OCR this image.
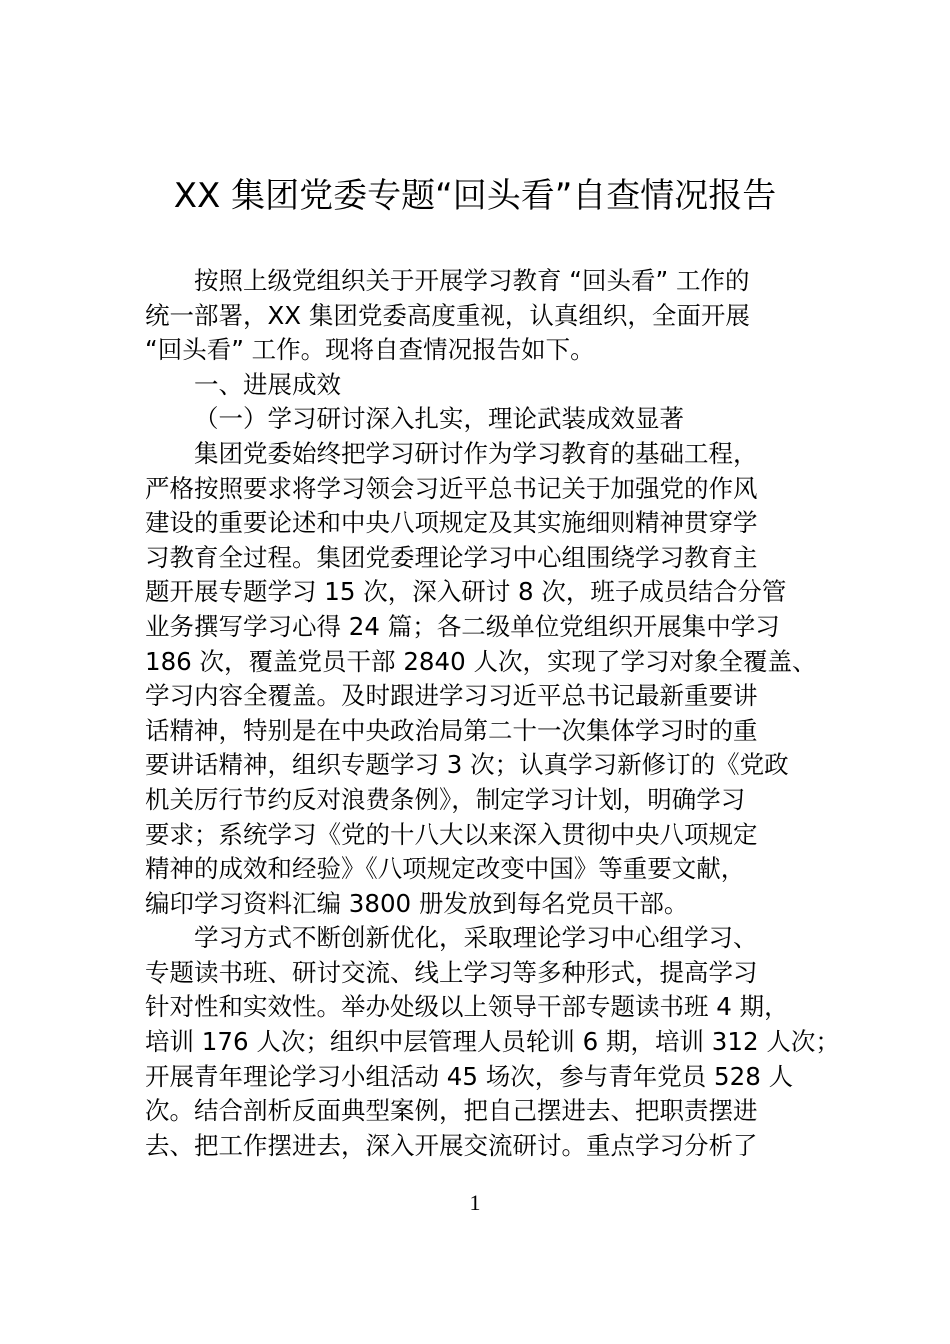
XX 集团党委专题“回头看”自查情况报告
按照上级党组织关于开展学习教育 “回头看” 工作的
统一部署，XX 集团党委高度重视，认真组织，全面开展
“回头看” 工作。现将自查情况报告如下。
一、进展成效
（一）学习研讨深入扎实，理论武装成效显著
集团党委始终把学习研讨作为学习教育的基础工程，
严格按照要求将学习领会习近平总书记关于加强党的作风
建设的重要论述和中央八项规定及其实施细则精神贯穿学
习教育全过程。集团党委理论学习中心组围绕学习教育主
题开展专题学习 15 次，深入研讨 8 次，班子成员结合分管
业务撰写学习心得 24 篇；各二级单位党组织开展集中学习
186 次，覆盖党员干部 2840 人次，实现了学习对象全覆盖、
学习内容全覆盖。及时跟进学习习近平总书记最新重要讲
话精神，特别是在中央政治局第二十一次集体学习时的重
要讲话精神，组织专题学习 3 次；认真学习新修订的《党政
机关厉行节约反对浪费条例》，制定学习计划，明确学习
要求；系统学习《党的十八大以来深入贯彻中央八项规定
精神的成效和经验》《八项规定改变中国》等重要文献，
编印学习资料汇编 3800 册发放到每名党员干部。
学习方式不断创新优化，采取理论学习中心组学习、
专题读书班、研讨交流、线上学习等多种形式，提高学习
针对性和实效性。举办处级以上领导干部专题读书班 4 期，
培训 176 人次；组织中层管理人员轮训 6 期，培训 312 人次；
开展青年理论学习小组活动 45 场次，参与青年党员 528 人
次。结合剖析反面典型案例，把自己摆进去、把职责摆进
去、把工作摆进去，深入开展交流研讨。重点学习分析了
1
